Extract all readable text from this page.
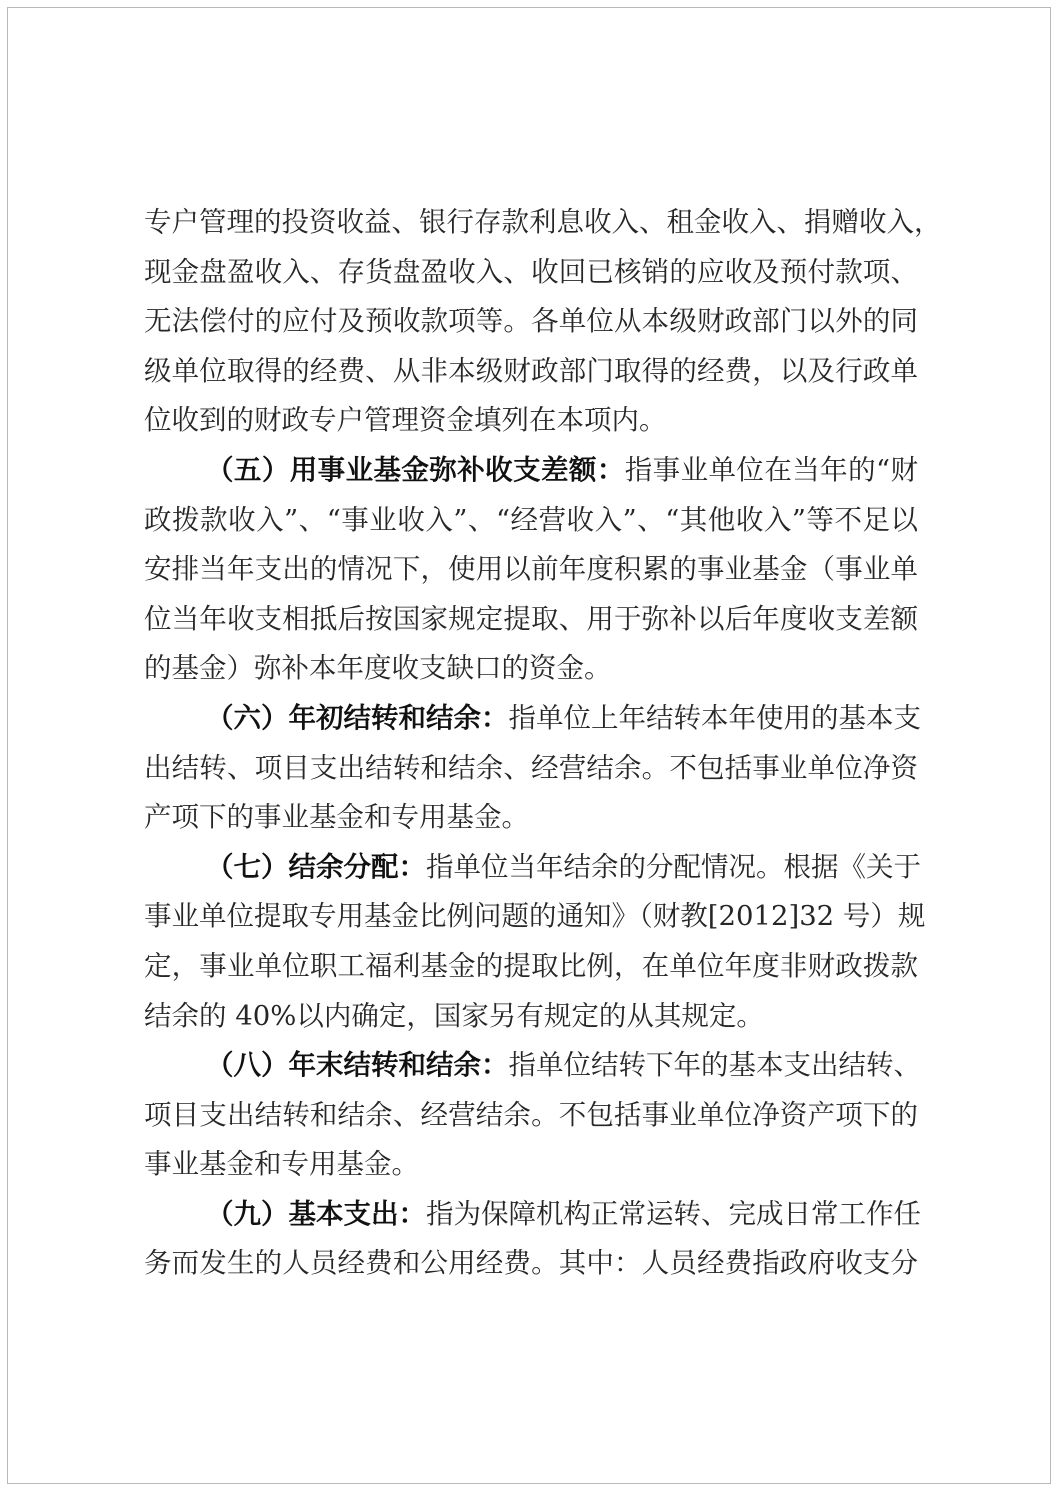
专户管理的投资收益、银行存款利息收入、租金收入、捐赠收入，
现金盘盈收入、存货盘盈收入、收回已核销的应收及预付款项、
无法偿付的应付及预收款项等。各单位从本级财政部门以外的同
级单位取得的经费、从非本级财政部门取得的经费，以及行政单
位收到的财政专户管理资金填列在本项内。
（五）用事业基金弥补收支差额：指事业单位在当年的“财
政拨款收入”、“事业收入”、“经营收入”、“其他收入”等不足以
安排当年支出的情况下，使用以前年度积累的事业基金（事业单
位当年收支相抵后按国家规定提取、用于弥补以后年度收支差额
的基金）弥补本年度收支缺口的资金。
（六）年初结转和结余：指单位上年结转本年使用的基本支
出结转、项目支出结转和结余、经营结余。不包括事业单位净资
产项下的事业基金和专用基金。
（七）结余分配：指单位当年结余的分配情况。根据《关于
事业单位提取专用基金比例问题的通知》（财教[2012]32 号）规
定，事业单位职工福利基金的提取比例，在单位年度非财政拨款
结余的 40%以内确定，国家另有规定的从其规定。
（八）年末结转和结余：指单位结转下年的基本支出结转、
项目支出结转和结余、经营结余。不包括事业单位净资产项下的
事业基金和专用基金。
（九）基本支出：指为保障机构正常运转、完成日常工作任
务而发生的人员经费和公用经费。其中：人员经费指政府收支分
